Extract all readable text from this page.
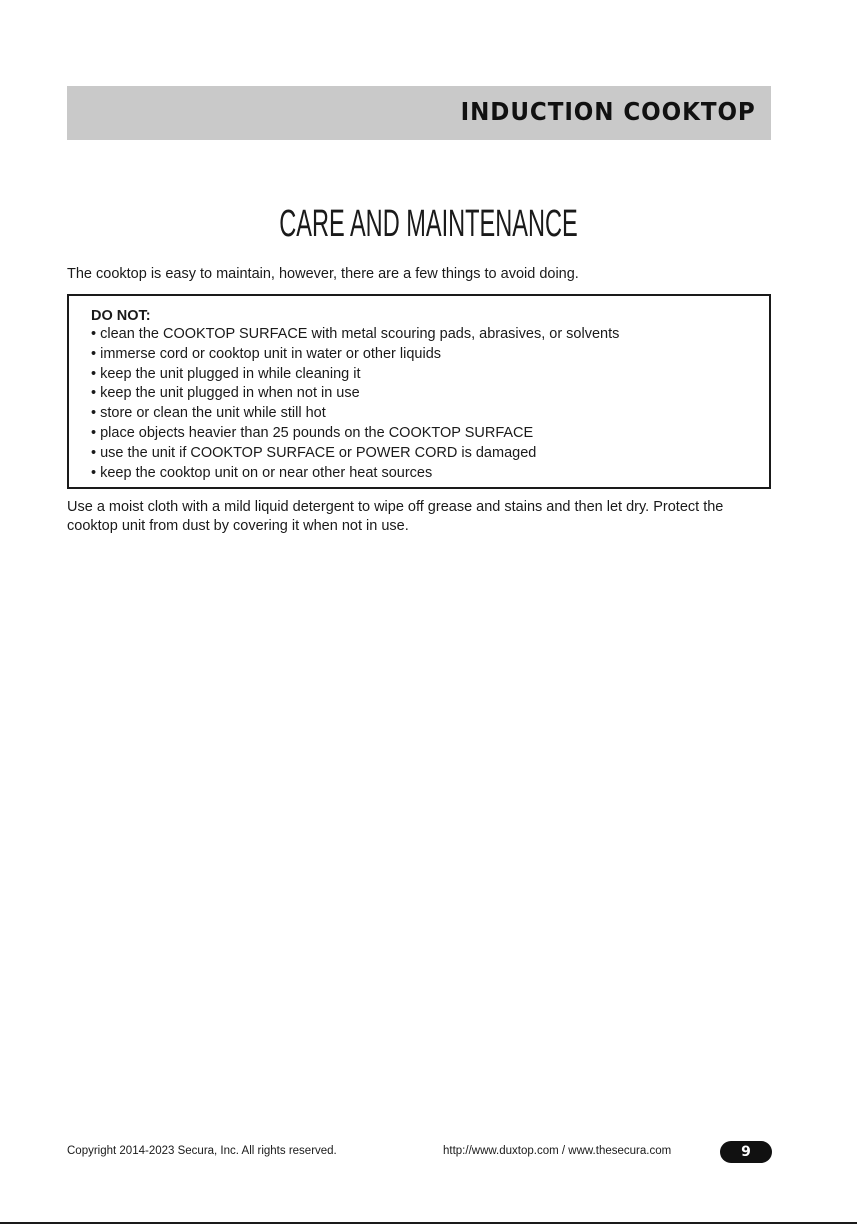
INDUCTION COOKTOP
CARE AND MAINTENANCE
The cooktop is easy to maintain, however, there are a few things to avoid doing.
DO NOT:
• clean the COOKTOP SURFACE with metal scouring pads, abrasives, or solvents
• immerse cord or cooktop unit in water or other liquids
• keep the unit plugged in while cleaning it
• keep the unit plugged in when not in use
• store or clean the unit while still hot
• place objects heavier than 25 pounds on the COOKTOP SURFACE
• use the unit if COOKTOP SURFACE or POWER CORD is damaged
• keep the cooktop unit on or near other heat sources
Use a moist cloth with a mild liquid detergent to wipe off grease and stains and then let dry. Protect the cooktop unit from dust by covering it when not in use.
Copyright 2014-2023 Secura, Inc. All rights reserved.	http://www.duxtop.com / www.thesecura.com	9
